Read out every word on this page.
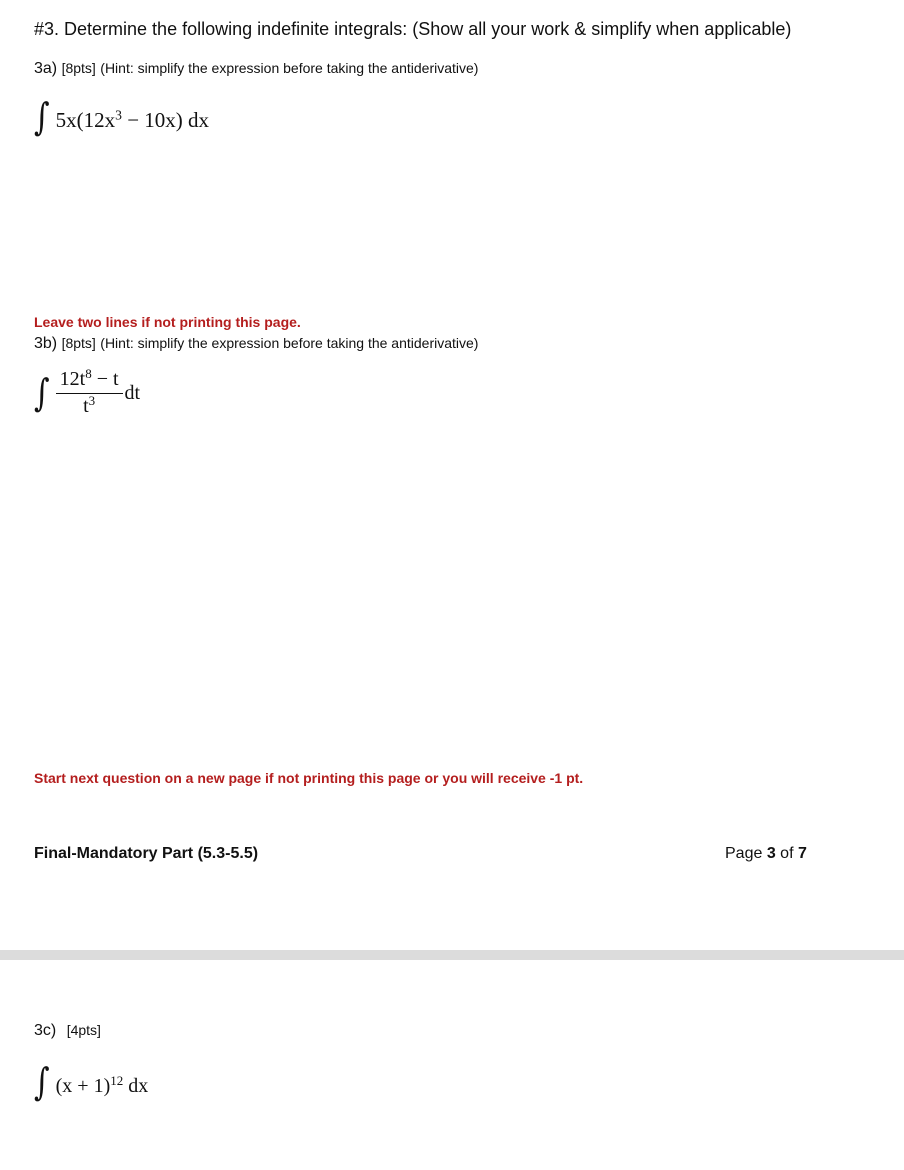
#3. Determine the following indefinite integrals: (Show all your work & simplify when applicable)
3a) [8pts] (Hint: simplify the expression before taking the antiderivative)
∫ $5x(12x^3 - 10x)$ dx
Leave two lines if not printing this page.
3b) [8pts] (Hint: simplify the expression before taking the antiderivative)
∫ $\frac{12t^8 - t}{t^3}$ dt
Start next question on a new page if not printing this page or you will receive -1 pt.
Final-Mandatory Part (5.3-5.5)	Page 3 of 7
3c) [4pts]
∫ $(x + 1)^{12}$ dx
